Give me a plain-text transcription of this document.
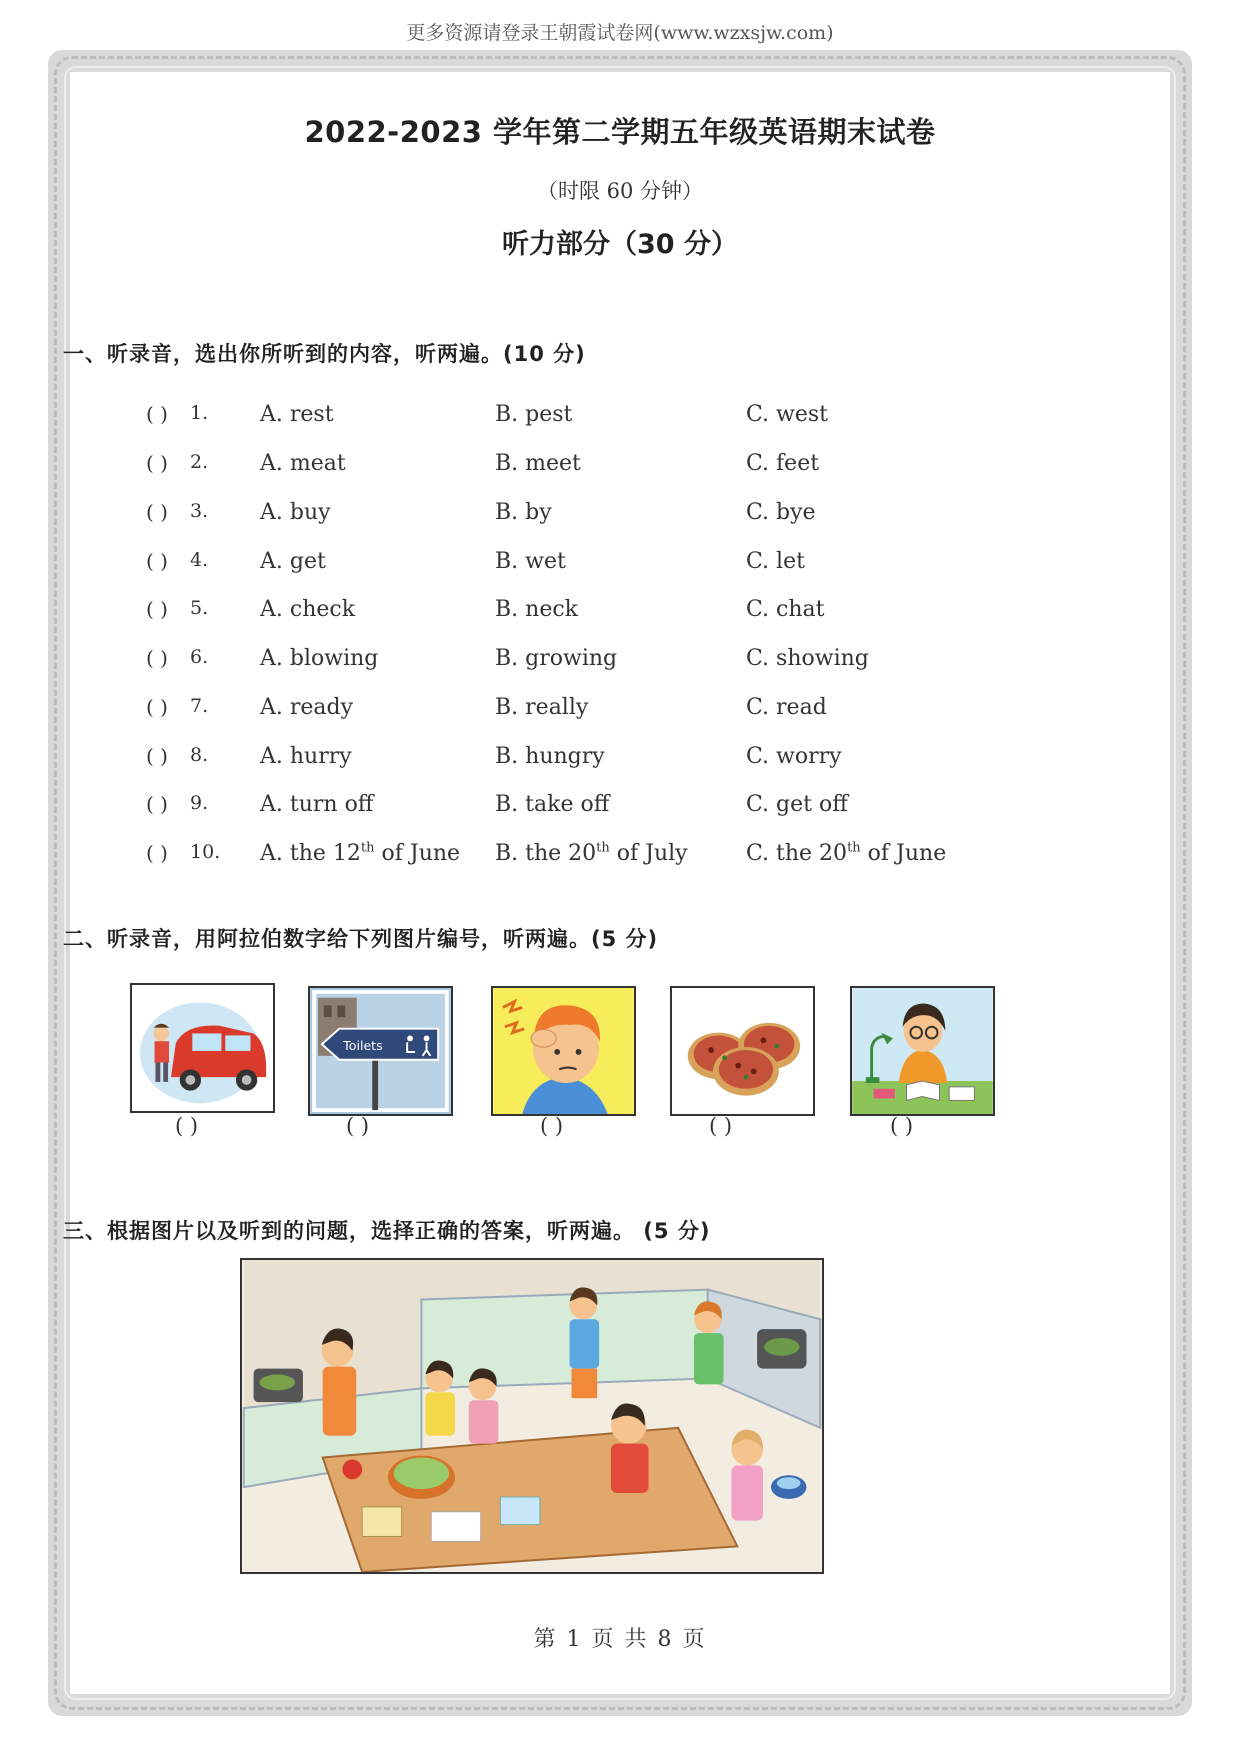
更多资源请登录王朝霞试卷网(www.wzxsjw.com)
2022-2023 学年第二学期五年级英语期末试卷
（时限 60 分钟）
听力部分（30 分）
一、听录音，选出你所听到的内容，听两遍。(10 分)
( ) 1. A. rest	B. pest	C. west
( ) 2. A. meat	B. meet	C. feet
( ) 3. A. buy	B. by	C. bye
( ) 4. A. get	B. wet	C. let
( ) 5. A. check	B. neck	C. chat
( ) 6. A. blowing	B. growing	C. showing
( ) 7. A. ready	B. really	C. read
( ) 8. A. hurry	B. hungry	C. worry
( ) 9. A. turn off	B. take off	C. get off
( ) 10. A. the 12th of June B. the 20th of July	C. the 20th of June
二、听录音，用阿拉伯数字给下列图片编号，听两遍。(5 分)
Toilets
( )	( )	( )	( )	( )
三、根据图片以及听到的问题，选择正确的答案，听两遍。 (5 分)
第 1 页 共 8 页
